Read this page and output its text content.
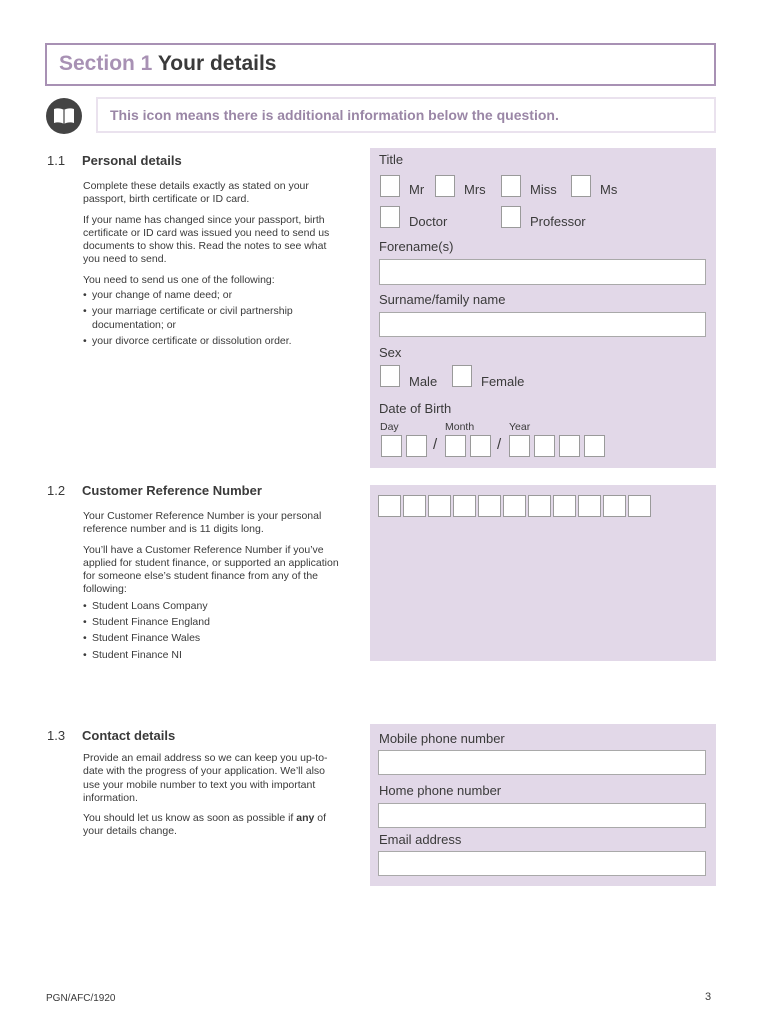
Section 1 Your details
This icon means there is additional information below the question.
1.1 Personal details

Complete these details exactly as stated on your passport, birth certificate or ID card.

If your name has changed since your passport, birth certificate or ID card was issued you need to send us documents to show this. Read the notes to see what you need to send.

You need to send us one of the following:

• your change of name deed; or
• your marriage certificate or civil partnership documentation; or
• your divorce certificate or dissolution order.
Title
Mr	Mrs	Miss	Ms
Doctor	Professor
Forename(s)
Surname/family name
Sex
Male	Female
Date of Birth
Day	Month	Year
/	/
1.2 Customer Reference Number

Your Customer Reference Number is your personal reference number and is 11 digits long.

You’ll have a Customer Reference Number if you’ve applied for student finance, or supported an application for someone else’s student finance from any of the following:

• Student Loans Company
• Student Finance England
• Student Finance Wales
• Student Finance NI
1.3 Contact details

Provide an email address so we can keep you up-to-date with the progress of your application. We’ll also use your mobile number to text you with important information.

You should let us know as soon as possible if any of your details change.

Mobile phone number
Home phone number
Email address
PGN/AFC/1920	3
